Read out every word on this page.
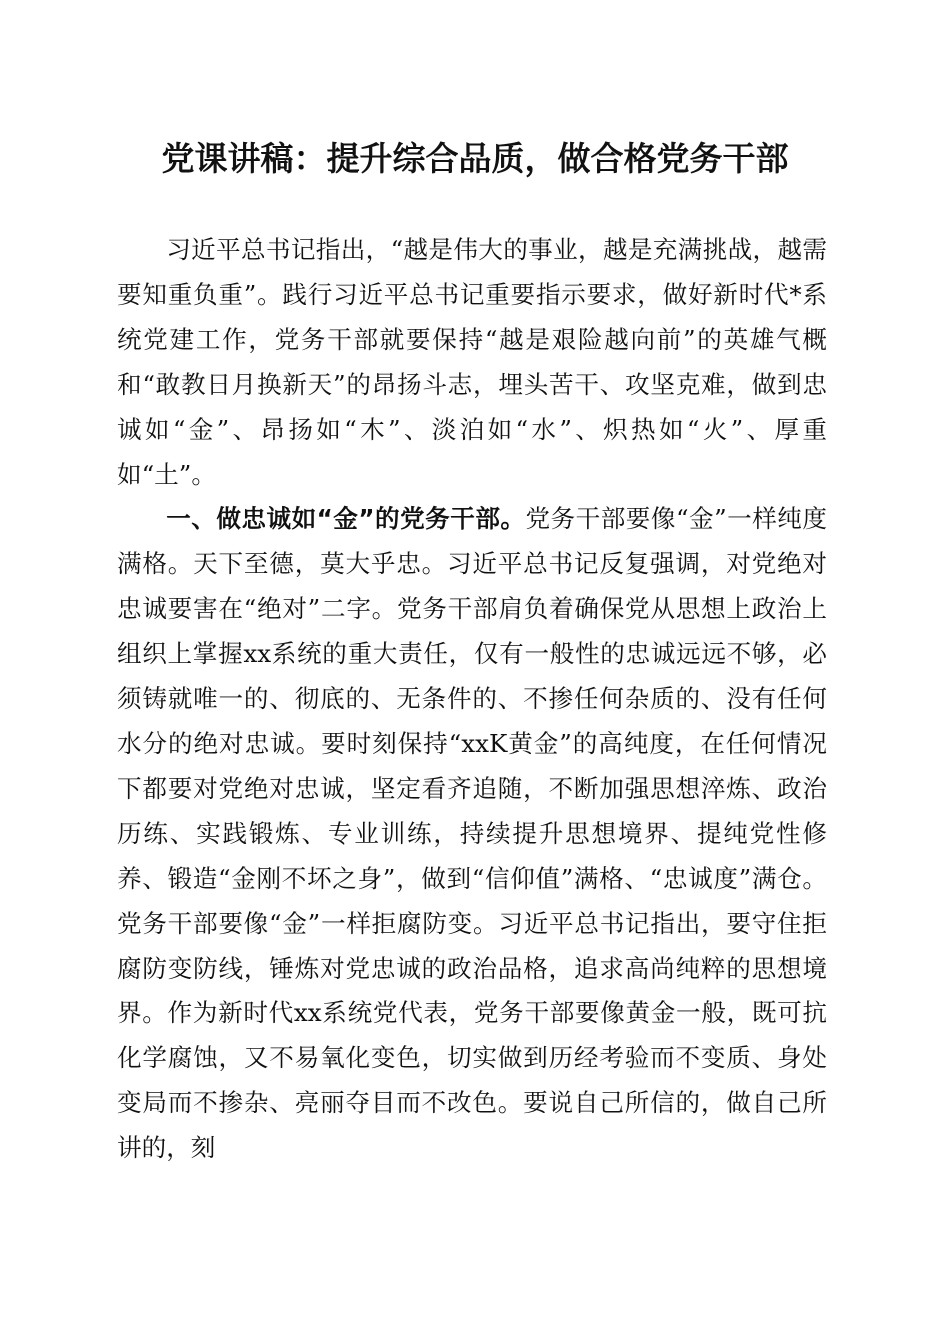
党课讲稿：提升综合品质，做合格党务干部

习近平总书记指出，“越是伟大的事业，越是充满挑战，越需要知重负重”。践行习近平总书记重要指示要求，做好新时代*系统党建工作，党务干部就要保持“越是艰险越向前”的英雄气概和“敢教日月换新天”的昂扬斗志，埋头苦干、攻坚克难，做到忠诚如“金”、昂扬如“木”、淡泊如“水”、炽热如“火”、厚重如“土”。

一、做忠诚如“金”的党务干部。党务干部要像“金”一样纯度满格。天下至德，莫大乎忠。习近平总书记反复强调，对党绝对忠诚要害在“绝对”二字。党务干部肩负着确保党从思想上政治上组织上掌握xx系统的重大责任，仅有一般性的忠诚远远不够，必须铸就唯一的、彻底的、无条件的、不掺任何杂质的、没有任何水分的绝对忠诚。要时刻保持“xxK黄金”的高纯度，在任何情况下都要对党绝对忠诚，坚定看齐追随，不断加强思想淬炼、政治历练、实践锻炼、专业训练，持续提升思想境界、提纯党性修养、锻造“金刚不坏之身”，做到“信仰值”满格、“忠诚度”满仓。党务干部要像“金”一样拒腐防变。习近平总书记指出，要守住拒腐防变防线，锤炼对党忠诚的政治品格，追求高尚纯粹的思想境界。作为新时代xx系统党代表，党务干部要像黄金一般，既可抗化学腐蚀，又不易氧化变色，切实做到历经考验而不变质、身处变局而不掺杂、亮丽夺目而不改色。要说自己所信的，做自己所讲的，刻
